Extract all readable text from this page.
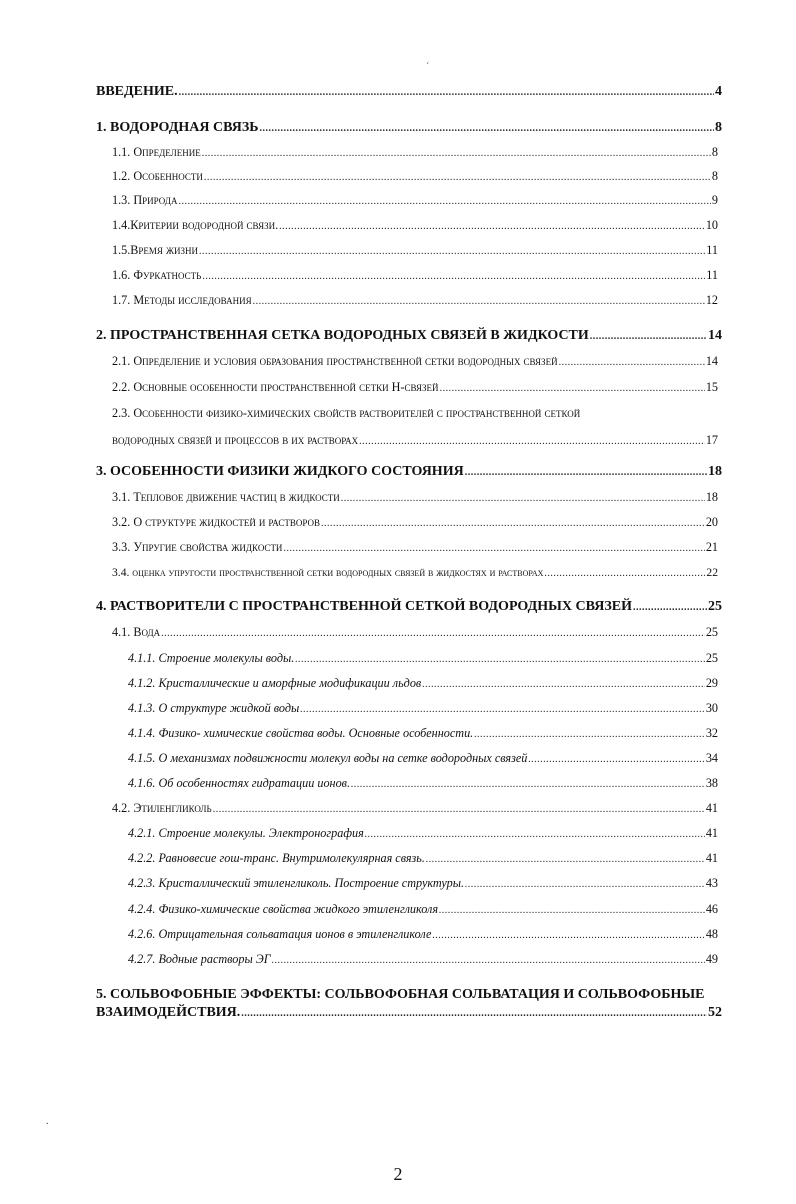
´
ВВЕДЕНИЕ. .....	4
1. ВОДОРОДНАЯ СВЯЗЬ .....	8
1.1. Определение .....	8
1.2. Особенности .....	8
1.3. Природа .....	9
1.4.Критерии водородной связи. .....	10
1.5.Время жизни .....	11
1.6. Фуркатность .....	11
1.7. Методы исследования .....	12
2. ПРОСТРАНСТВЕННАЯ СЕТКА ВОДОРОДНЫХ СВЯЗЕЙ В ЖИДКОСТИ .....	14
2.1. Определение и условия образования пространственной сетки водородных связей .....	14
2.2. Основные особенности пространственной сетки Н-связей .....	15
2.3. Особенности физико-химических свойств растворителей с пространственной сеткой
водородных связей и процессов в их растворах .....	17
3. ОСОБЕННОСТИ ФИЗИКИ ЖИДКОГО СОСТОЯНИЯ .....	18
3.1. Тепловое движение частиц в жидкости .....	18
3.2. О структуре жидкостей и растворов .....	20
3.3. Упругие свойства жидкости .....	21
3.4. оценка упругости пространственной сетки водородных связей в жидкостях и растворах .....	22
4. РАСТВОРИТЕЛИ С ПРОСТРАНСТВЕННОЙ СЕТКОЙ ВОДОРОДНЫХ СВЯЗЕЙ .....	25
4.1. Вода .....	25
4.1.1. Строение молекулы воды. .....	25
4.1.2. Кристаллические и аморфные модификации льдов .....	29
4.1.3. О структуре жидкой воды .....	30
4.1.4. Физико- химические свойства воды. Основные особенности. .....	32
4.1.5. О механизмах подвижности молекул воды на сетке водородных связей .....	34
4.1.6. Об особенностях гидратации ионов. .....	38
4.2. Этиленгликоль .....	41
4.2.1. Строение молекулы. Электронография .....	41
4.2.2. Равновесие гош-транс. Внутримолекулярная связь. .....	41
4.2.3. Кристаллический этиленгликоль. Построение структуры. .....	43
4.2.4. Физико-химические свойства жидкого этиленгликоля .....	46
4.2.6. Отрицательная сольватация ионов в этиленгликоле .....	48
4.2.7. Водные растворы ЭГ .....	49
5. СОЛЬВОФОБНЫЕ ЭФФЕКТЫ: СОЛЬВОФОБНАЯ СОЛЬВАТАЦИЯ И СОЛЬВОФОБНЫЕ
ВЗАИМОДЕЙСТВИЯ. .....	52
.
2
